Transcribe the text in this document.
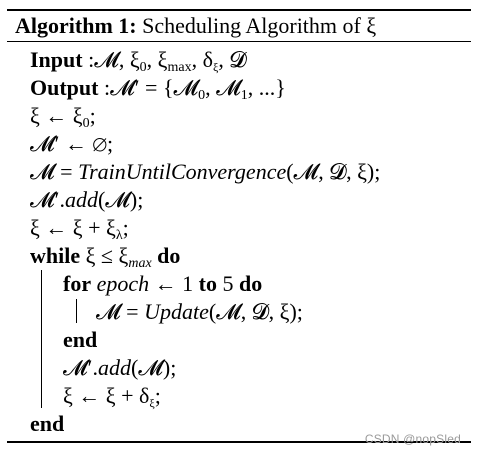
Algorithm 1: Scheduling Algorithm of ξ
Input :𝓜, $\xi_0$, $\xi_{max}$, $\delta_\xi$, 𝓓
Output :𝓜′ = {𝓜$_0$, 𝓜$_1$, ...}
ξ ← $\xi_0$;
𝓜′ ← ∅;
𝓜 = TrainUntilConvergence(𝓜, 𝓓, ξ);
𝓜′.add(𝓜);
ξ ← $\xi + \xi_\lambda$;
while $\xi \le \xi_{max}$ do
for epoch ← 1 to 5 do
𝓜 = Update(𝓜, 𝓓, ξ);
end
𝓜′.add(𝓜);
ξ ← $\xi + \delta_\xi$;
end
CSDN @nopSled
